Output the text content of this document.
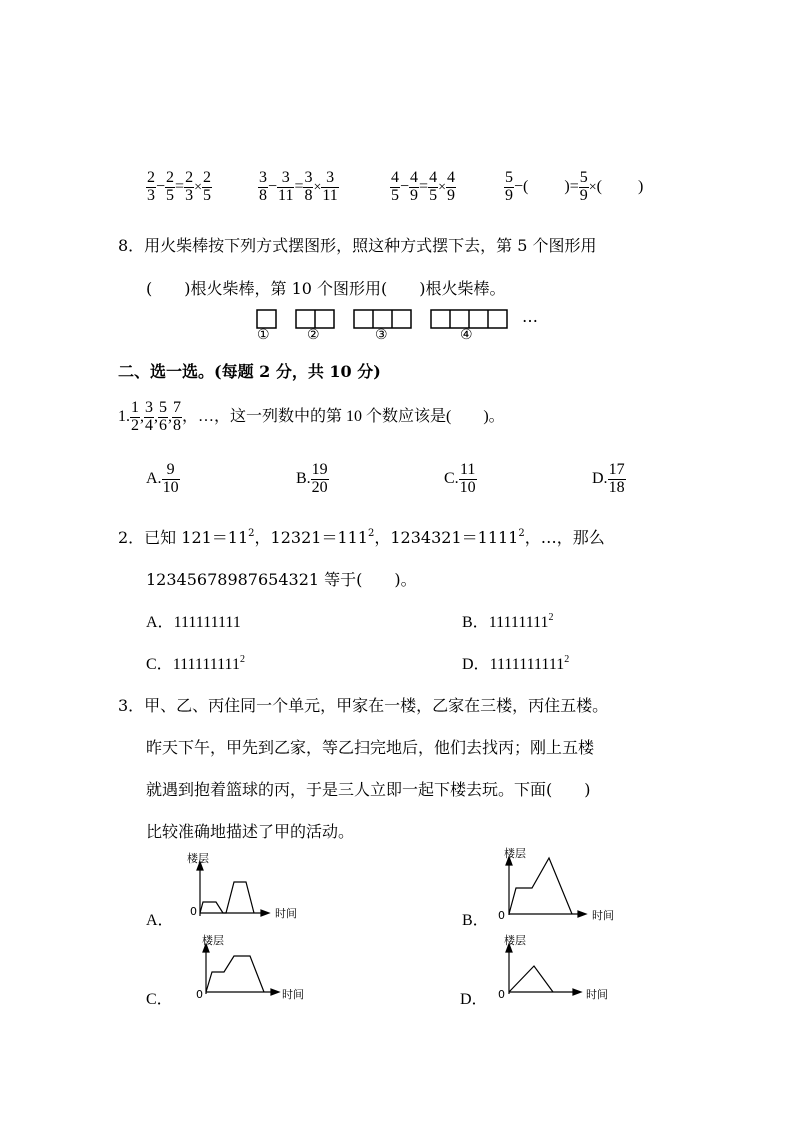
$\frac{2}{3} - \frac{2}{5} = \frac{2}{3} \times \frac{2}{5}$	$\frac{3}{8} - \frac{3}{11} = \frac{3}{8} \times \frac{3}{11}$	$\frac{4}{5} - \frac{4}{9} = \frac{4}{5} \times \frac{4}{9}$	$\frac{5}{9}$ −( )= $\frac{5}{9}$ ×( )
8．用火柴棒按下列方式摆图形，照这种方式摆下去，第 5 个图形用
(　　)根火柴棒，第 10 个图形用(　　)根火柴棒。
①	②	③	④
…
二、选一选。(每题 2 分，共 10 分)
1. $\frac{1}{2}$ , $\frac{3}{4}$ , $\frac{5}{6}$ , $\frac{7}{8}$ ，…，这一列数中的第 10 个数应该是(　　)。
A. $\frac{9}{10}$	B. $\frac{19}{20}$	C. $\frac{11}{10}$	D. $\frac{17}{18}$
2．已知 $121=11^2$，$12321=111^2$，$1234321=1111^2$，…，那么
12345678987654321 等于(　　)。
A．111111111	B．11111111$^2$
C．111111111$^2$	D．1111111111$^2$
3．甲、乙、丙住同一个单元，甲家在一楼，乙家在三楼，丙住五楼。
昨天下午，甲先到乙家，等乙扫完地后，他们去找丙；刚上五楼
就遇到抱着篮球的丙，于是三人立即一起下楼去玩。下面(　　)
比较准确地描述了甲的活动。
A．
楼层
时间	B．
楼层
0	时间
C．
楼层
0	时间	D．
楼层
0	时间
0
